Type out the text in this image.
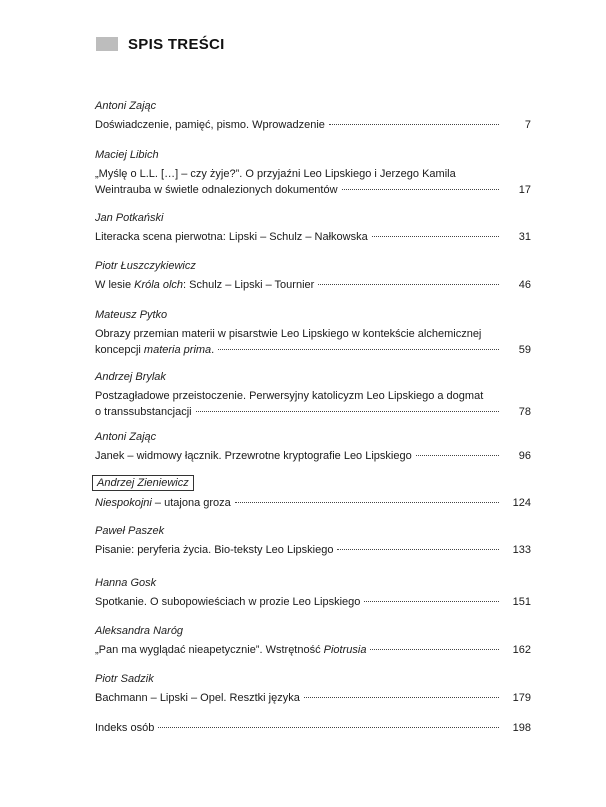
SPIS TREŚCI
Antoni Zając
Doświadczenie, pamięć, pismo. Wprowadzenie	7
Maciej Libich
„Myślę o L.L. […] – czy żyje?”. O przyjaźni Leo Lipskiego i Jerzego Kamila
Weintrauba w świetle odnalezionych dokumentów	17
Jan Potkański
Literacka scena pierwotna: Lipski – Schulz – Nałkowska	31
Piotr Łuszczykiewicz
W lesie Króla olch: Schulz – Lipski – Tournier	46
Mateusz Pytko
Obrazy przemian materii w pisarstwie Leo Lipskiego w kontekście alchemicznej
koncepcji materia prima.	59
Andrzej Brylak
Postzagładowe przeistoczenie. Perwersyjny katolicyzm Leo Lipskiego a dogmat
o transsubstancjacji	78
Antoni Zając
Janek – widmowy łącznik. Przewrotne kryptografie Leo Lipskiego	96
Andrzej Zieniewicz
Niespokojni – utajona groza	124
Paweł Paszek
Pisanie: peryferia życia. Bio-teksty Leo Lipskiego	133
Hanna Gosk
Spotkanie. O subopowieściach w prozie Leo Lipskiego	151
Aleksandra Naróg
„Pan ma wyglądać nieapetycznie”. Wstrętność Piotrusia	162
Piotr Sadzik
Bachmann – Lipski – Opel. Resztki języka	179
Indeks osób	198
